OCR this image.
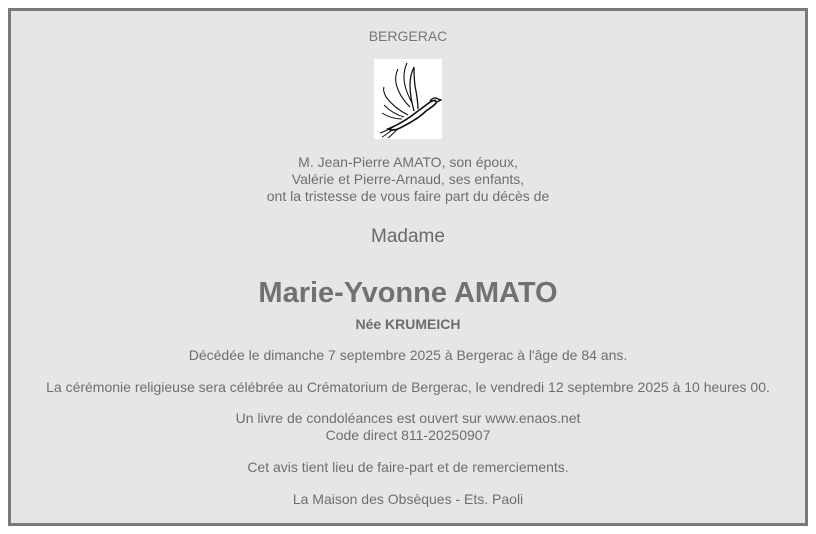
BERGERAC
M. Jean-Pierre AMATO, son époux,
Valérie et Pierre-Arnaud, ses enfants,
ont la tristesse de vous faire part du décès de
Madame
Marie-Yvonne AMATO
Née KRUMEICH
Décédée le dimanche 7 septembre 2025 à Bergerac à l'âge de 84 ans.
La cérémonie religieuse sera célébrée au Crématorium de Bergerac, le vendredi 12 septembre 2025 à 10 heures 00.
Un livre de condoléances est ouvert sur www.enaos.net
Code direct 811-20250907
Cet avis tient lieu de faire-part et de remerciements.
La Maison des Obsèques - Ets. Paoli
